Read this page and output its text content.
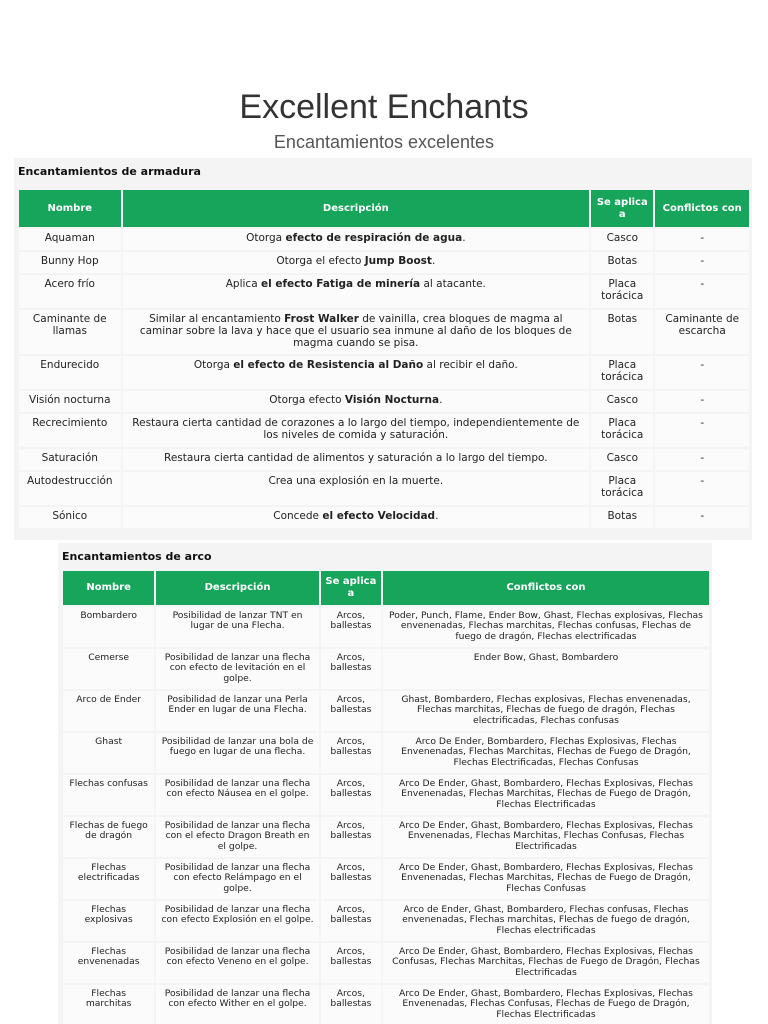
Excellent Enchants
Encantamientos excelentes
Encantamientos de armadura
Nombre	Descripción	Se aplica a	Conflictos con
Aquaman	Otorga efecto de respiración de agua.	Casco	-
Bunny Hop	Otorga el efecto Jump Boost.	Botas	-
Acero frío	Aplica el efecto Fatiga de minería al atacante.	Placa torácica	-
Caminante de llamas	Similar al encantamiento Frost Walker de vainilla, crea bloques de magma al caminar sobre la lava y hace que el usuario sea inmune al daño de los bloques de magma cuando se pisa.	Botas	Caminante de escarcha
Endurecido	Otorga el efecto de Resistencia al Daño al recibir el daño.	Placa torácica	-
Visión nocturna	Otorga efecto Visión Nocturna.	Casco	-
Recrecimiento	Restaura cierta cantidad de corazones a lo largo del tiempo, independientemente de los niveles de comida y saturación.	Placa torácica	-
Saturación	Restaura cierta cantidad de alimentos y saturación a lo largo del tiempo.	Casco	-
Autodestrucción	Crea una explosión en la muerte.	Placa torácica	-
Sónico	Concede el efecto Velocidad.	Botas	-
Encantamientos de arco
Nombre	Descripción	Se aplica a	Conflictos con
Bombardero	Posibilidad de lanzar TNT en lugar de una Flecha.	Arcos, ballestas	Poder, Punch, Flame, Ender Bow, Ghast, Flechas explosivas, Flechas envenenadas, Flechas marchitas, Flechas confusas, Flechas de fuego de dragón, Flechas electrificadas
Cemerse	Posibilidad de lanzar una flecha con efecto de levitación en el golpe.	Arcos, ballestas	Ender Bow, Ghast, Bombardero
Arco de Ender	Posibilidad de lanzar una Perla Ender en lugar de una Flecha.	Arcos, ballestas	Ghast, Bombardero, Flechas explosivas, Flechas envenenadas, Flechas marchitas, Flechas de fuego de dragón, Flechas electrificadas, Flechas confusas
Ghast	Posibilidad de lanzar una bola de fuego en lugar de una flecha.	Arcos, ballestas	Arco De Ender, Bombardero, Flechas Explosivas, Flechas Envenenadas, Flechas Marchitas, Flechas de Fuego de Dragón, Flechas Electrificadas, Flechas Confusas
Flechas confusas	Posibilidad de lanzar una flecha con efecto Náusea en el golpe.	Arcos, ballestas	Arco De Ender, Ghast, Bombardero, Flechas Explosivas, Flechas Envenenadas, Flechas Marchitas, Flechas de Fuego de Dragón, Flechas Electrificadas
Flechas de fuego de dragón	Posibilidad de lanzar una flecha con el efecto Dragon Breath en el golpe.	Arcos, ballestas	Arco De Ender, Ghast, Bombardero, Flechas Explosivas, Flechas Envenenadas, Flechas Marchitas, Flechas Confusas, Flechas Electrificadas
Flechas electrificadas	Posibilidad de lanzar una flecha con efecto Relámpago en el golpe.	Arcos, ballestas	Arco De Ender, Ghast, Bombardero, Flechas Explosivas, Flechas Envenenadas, Flechas Marchitas, Flechas de Fuego de Dragón, Flechas Confusas
Flechas explosivas	Posibilidad de lanzar una flecha con efecto Explosión en el golpe.	Arcos, ballestas	Arco de Ender, Ghast, Bombardero, Flechas confusas, Flechas envenenadas, Flechas marchitas, Flechas de fuego de dragón, Flechas electrificadas
Flechas envenenadas	Posibilidad de lanzar una flecha con efecto Veneno en el golpe.	Arcos, ballestas	Arco De Ender, Ghast, Bombardero, Flechas Explosivas, Flechas Confusas, Flechas Marchitas, Flechas de Fuego de Dragón, Flechas Electrificadas
Flechas marchitas	Posibilidad de lanzar una flecha con efecto Wither en el golpe.	Arcos, ballestas	Arco De Ender, Ghast, Bombardero, Flechas Explosivas, Flechas Envenenadas, Flechas Confusas, Flechas de Fuego de Dragón, Flechas Electrificadas
